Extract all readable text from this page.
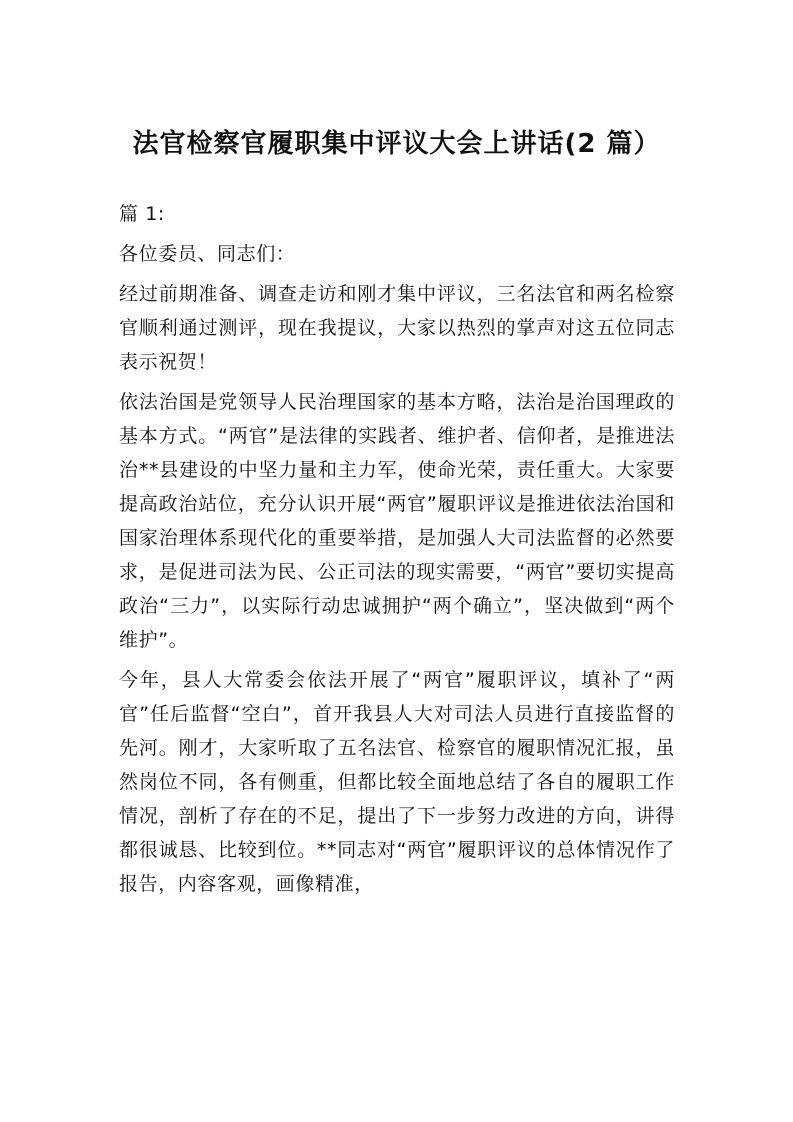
法官检察官履职集中评议大会上讲话(2 篇）

篇 1:

各位委员、同志们：

经过前期准备、调查走访和刚才集中评议，三名法官和两名检察官顺利通过测评，现在我提议，大家以热烈的掌声对这五位同志表示祝贺！

依法治国是党领导人民治理国家的基本方略，法治是治国理政的基本方式。“两官”是法律的实践者、维护者、信仰者，是推进法治**县建设的中坚力量和主力军，使命光荣，责任重大。大家要提高政治站位，充分认识开展“两官”履职评议是推进依法治国和国家治理体系现代化的重要举措，是加强人大司法监督的必然要求，是促进司法为民、公正司法的现实需要，“两官”要切实提高政治“三力”，以实际行动忠诚拥护“两个确立”，坚决做到“两个维护”。

今年，县人大常委会依法开展了“两官”履职评议，填补了“两官”任后监督“空白”，首开我县人大对司法人员进行直接监督的先河。刚才，大家听取了五名法官、检察官的履职情况汇报，虽然岗位不同，各有侧重，但都比较全面地总结了各自的履职工作情况，剖析了存在的不足，提出了下一步努力改进的方向，讲得都很诚恳、比较到位。**同志对“两官”履职评议的总体情况作了报告，内容客观，画像精准，
